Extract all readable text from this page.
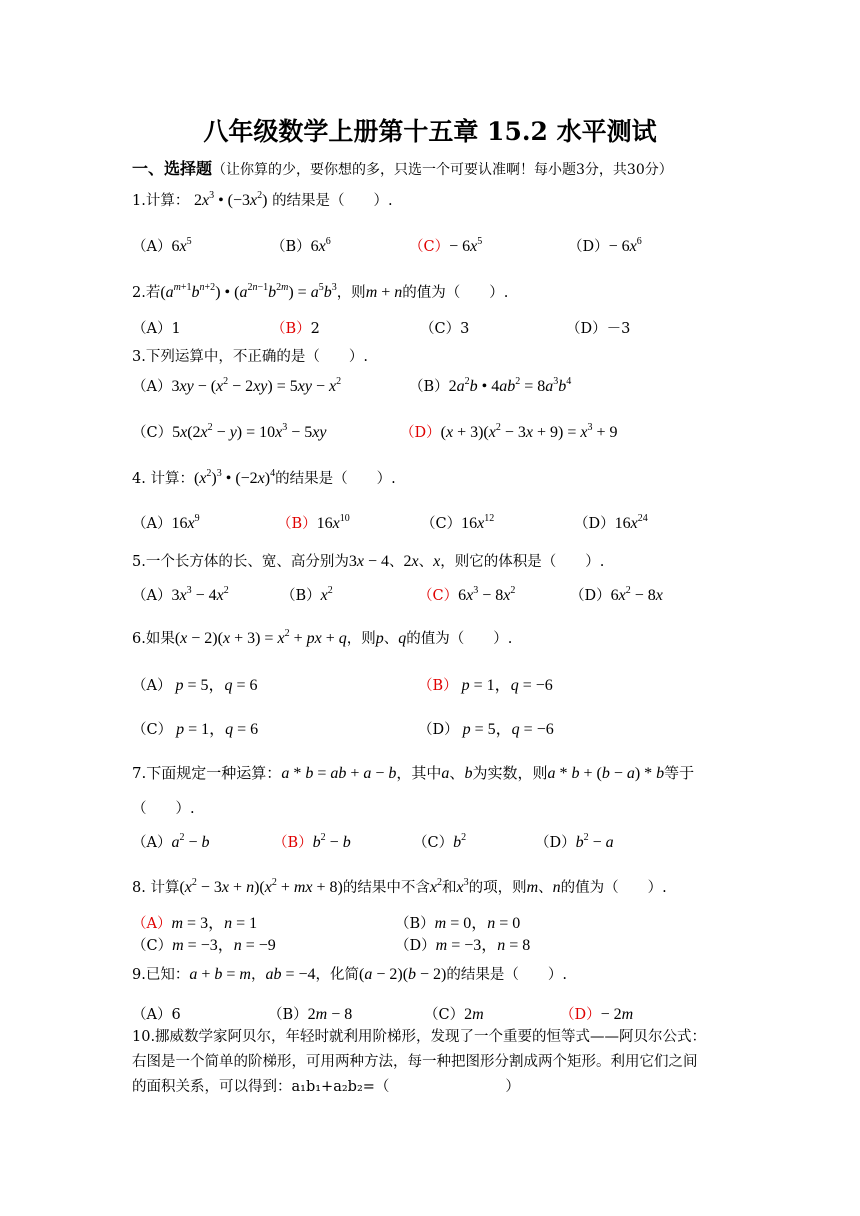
八年级数学上册第十五章 15.2 水平测试
一、选择题（让你算的少，要你想的多，只选一个可要认准啊！每小题3分，共30分）
1.计算： $2x^3$ • $(-3x^2)$ 的结果是（　　）.
$(A)6x^5$	$(B)6x^6$	$(C)- 6x^5$	$(D)- 6x^6$
2.若$(a^{m+1}b^{n+2})$ • $(a^{2n-1}b^{2m}) = a^5b^3$，则m + n的值为（　　）.
（A）1	（B）2	（C）3	（D）－3
3.下列运算中，不正确的是（　　）.
$(A)3xy - (x^2 - 2xy) = 5xy - x^2$	$(B)2a^2b$ • $4ab^2 = 8a^3b^4$
$(C)5x(2x^2 - y) = 10x^3 - 5xy$	$(D)(x + 3)(x^2 - 3x + 9) = x^3 + 9$
4. 计算：$(x^2)^3$ • $(-2x)^4$的结果是（　　）.
$(A)16x^9$	$(B)16x^{10}$	$(C)16x^{12}$	$(D)16x^{24}$
5.一个长方体的长、宽、高分别为3x − 4、2x、x，则它的体积是（　　）.
$(A)3x^3 - 4x^2$	$(B)x^2$	$(C)6x^3 - 8x^2$	$(D)6x^2 - 8x$
6.如果$(x - 2)(x + 3) = x^2$ + px + q，则p、q的值为（　　）.
（A） p = 5，q = 6	（B） p = 1，q = −6
（C） p = 1，q = 6	（D） p = 5，q = −6
7.下面规定一种运算：a * b = ab + a − b，其中a、b为实数，则a * b + (b − a) * b等于
（　　）.
$(A)a^2 - b$	$(B)b^2 - b$	$(C)b^2$	$(D)b^2 - a$
8. 计算$(x^2 - 3x + n)(x^2$ + mx + 8)的结果中不含$x^2$和$x^3$的项，则m、n的值为（　　）.
（A）m = 3，n = 1	（B）m = 0，n = 0
（C）m = −3，n = −9	（D）m = −3，n = 8
9.已知：a + b = m，ab = −4，化简(a − 2)(b − 2)的结果是（　　）.
（A）6	（B）2m − 8	（C）2m	（D）− 2m
10.挪威数学家阿贝尔，年轻时就利用阶梯形，发现了一个重要的恒等式——阿贝尔公式：
右图是一个简单的阶梯形，可用两种方法，每一种把图形分割成两个矩形。利用它们之间
的面积关系，可以得到：a₁b₁+a₂b₂=（　　　　　　　　）
